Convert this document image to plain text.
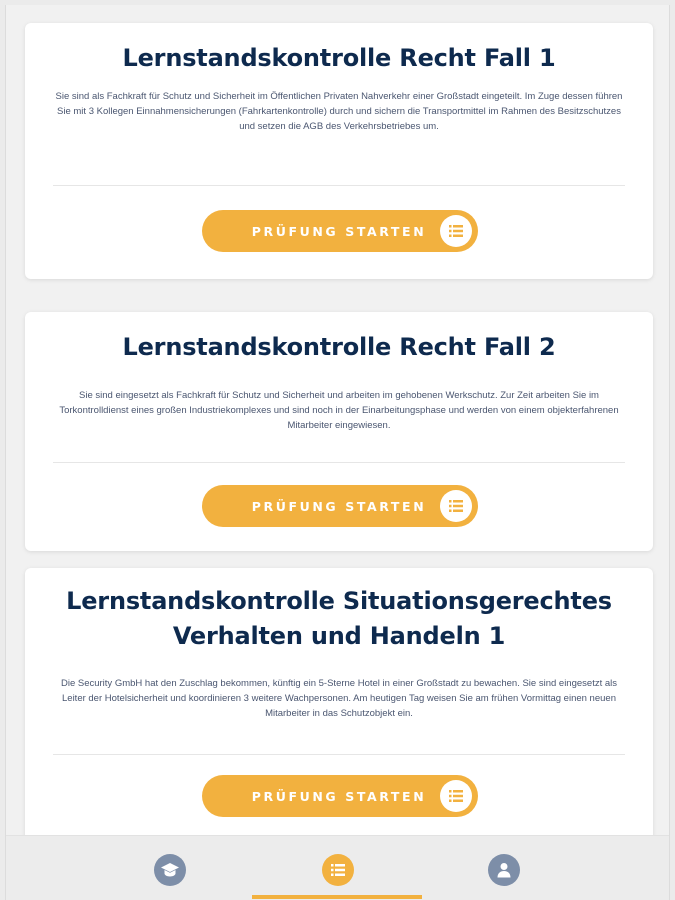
Lernstandskontrolle Recht Fall 1
Sie sind als Fachkraft für Schutz und Sicherheit im Öffentlichen Privaten Nahverkehr einer Großstadt eingeteilt. Im Zuge dessen führen Sie mit 3 Kollegen Einnahmensicherungen (Fahrkartenkontrolle) durch und sichern die Transportmittel im Rahmen des Besitzschutzes und setzen die AGB des Verkehrsbetriebes um.
PRÜFUNG STARTEN
Lernstandskontrolle Recht Fall 2
Sie sind eingesetzt als Fachkraft für Schutz und Sicherheit und arbeiten im gehobenen Werkschutz. Zur Zeit arbeiten Sie im Torkontrolldienst eines großen Industriekomplexes und sind noch in der Einarbeitungsphase und werden von einem objekterfahrenen Mitarbeiter eingewiesen.
PRÜFUNG STARTEN
Lernstandskontrolle Situationsgerechtes Verhalten und Handeln 1
Die Security GmbH hat den Zuschlag bekommen, künftig ein 5-Sterne Hotel in einer Großstadt zu bewachen. Sie sind eingesetzt als Leiter der Hotelsicherheit und koordinieren 3 weitere Wachpersonen. Am heutigen Tag weisen Sie am frühen Vormittag einen neuen Mitarbeiter in das Schutzobjekt ein.
PRÜFUNG STARTEN
